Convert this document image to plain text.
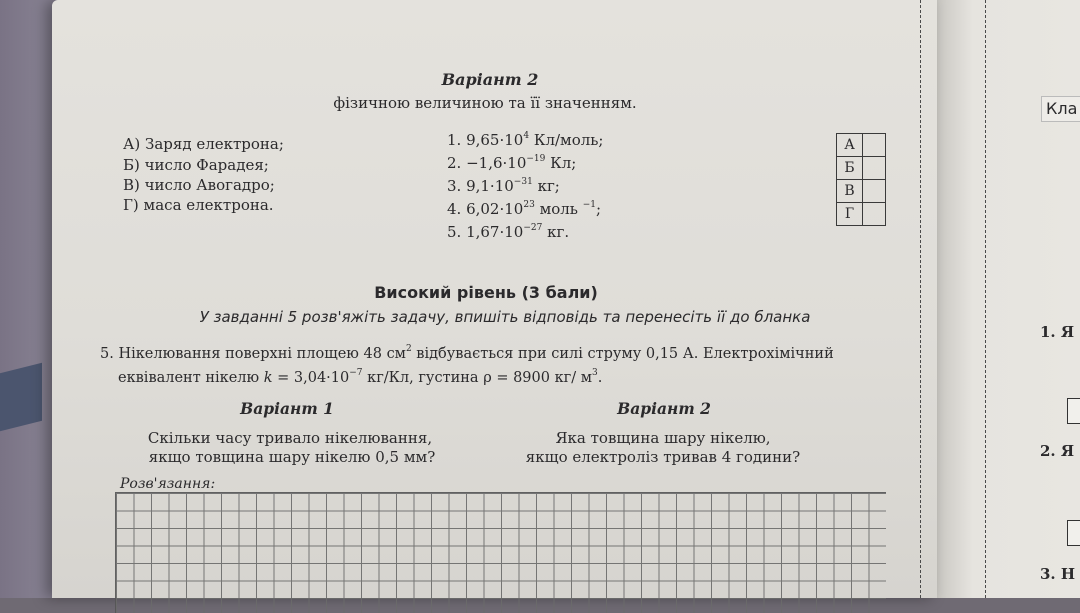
Кла
1. Я
2. Я
3. Н
Варіант 2
фізичною величиною та її значенням.
А) Заряд електрона;
Б) число Фарадея;
В) число Авогадро;
Г) маса електрона.
1. $9,65\cdot 10^4$ Кл/моль;
2. $-1,6\cdot 10^{-19}$ Кл;
3. $9,1\cdot 10^{-31}$ кг;
4. $6,02\cdot 10^{23}$ моль $^{-1}$;
5. $1,67\cdot 10^{-27}$ кг.
А	
Б	
В	
Г	
Високий рівень (3 бали)
У завданні 5 розв'яжіть задачу, впишіть відповідь та перенесіть її до бланка
5. Нікелювання поверхні площею 48 $см^2$ відбувається при силі струму 0,15 А. Електрохімічний
еквівалент нікелю $k = 3,04\cdot 10^{-7}$ кг/Кл, густина ρ = 8900 кг/ $м^3$.
Варіант 1	Варіант 2
Скільки часу тривало нікелювання,
якщо товщина шару нікелю 0,5 мм?
Яка товщина шару нікелю,
якщо електроліз тривав 4 години?
Розв'язання:
